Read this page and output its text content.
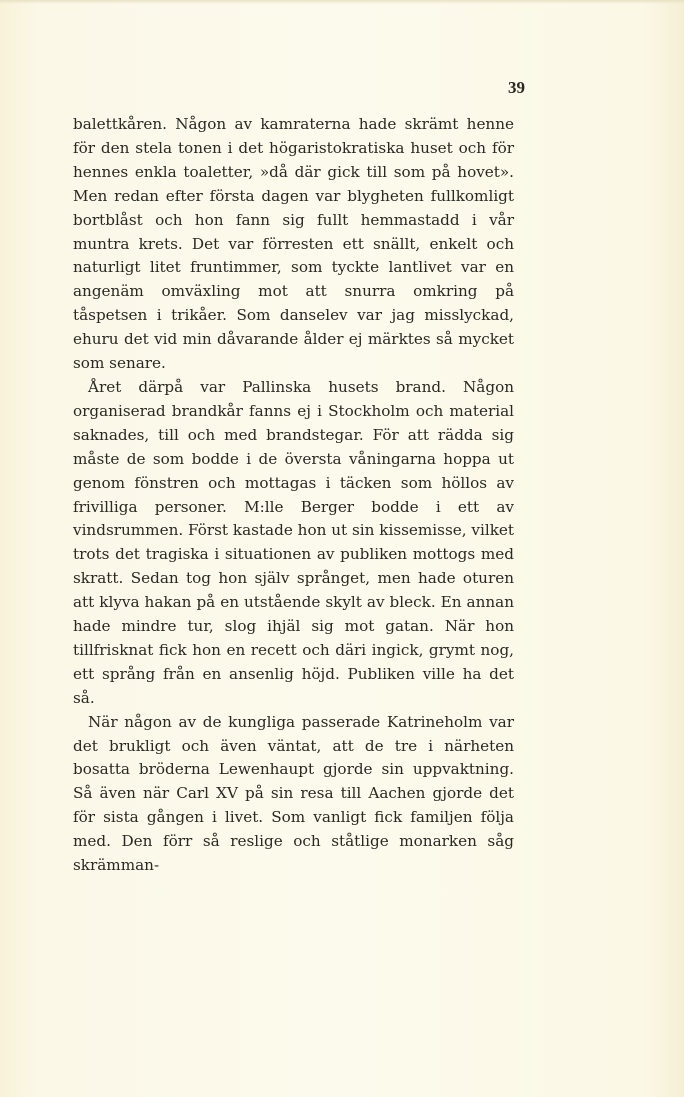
39

balettkåren. Någon av kamraterna hade skrämt henne för den stela tonen i det högaristokratiska huset och för hennes enkla toaletter, »då där gick till som på hovet». Men redan efter första dagen var blygheten fullkomligt bortblåst och hon fann sig fullt hemmastadd i vår muntra krets. Det var förresten ett snällt, enkelt och naturligt litet fruntimmer, som tyckte lantlivet var en angenäm omväxling mot att snurra omkring på tåspetsen i trikåer. Som danselev var jag misslyckad, ehuru det vid min dåvarande ålder ej märktes så mycket som senare.

Året därpå var Pallinska husets brand. Någon organiserad brandkår fanns ej i Stockholm och material saknades, till och med brandstegar. För att rädda sig måste de som bodde i de översta våningarna hoppa ut genom fönstren och mottagas i täcken som höllos av frivilliga personer. M:lle Berger bodde i ett av vindsrummen. Först kastade hon ut sin kissemisse, vilket trots det tragiska i situationen av publiken mottogs med skratt. Sedan tog hon själv språnget, men hade oturen att klyva hakan på en utstående skylt av bleck. En annan hade mindre tur, slog ihjäl sig mot gatan. När hon tillfrisknat fick hon en recett och däri ingick, grymt nog, ett språng från en ansenlig höjd. Publiken ville ha det så.

När någon av de kungliga passerade Katrineholm var det brukligt och även väntat, att de tre i närheten bosatta bröderna Lewenhaupt gjorde sin uppvaktning. Så även när Carl XV på sin resa till Aachen gjorde det för sista gången i livet. Som vanligt fick familjen följa med. Den förr så reslige och ståtlige monarken såg skrämman-
